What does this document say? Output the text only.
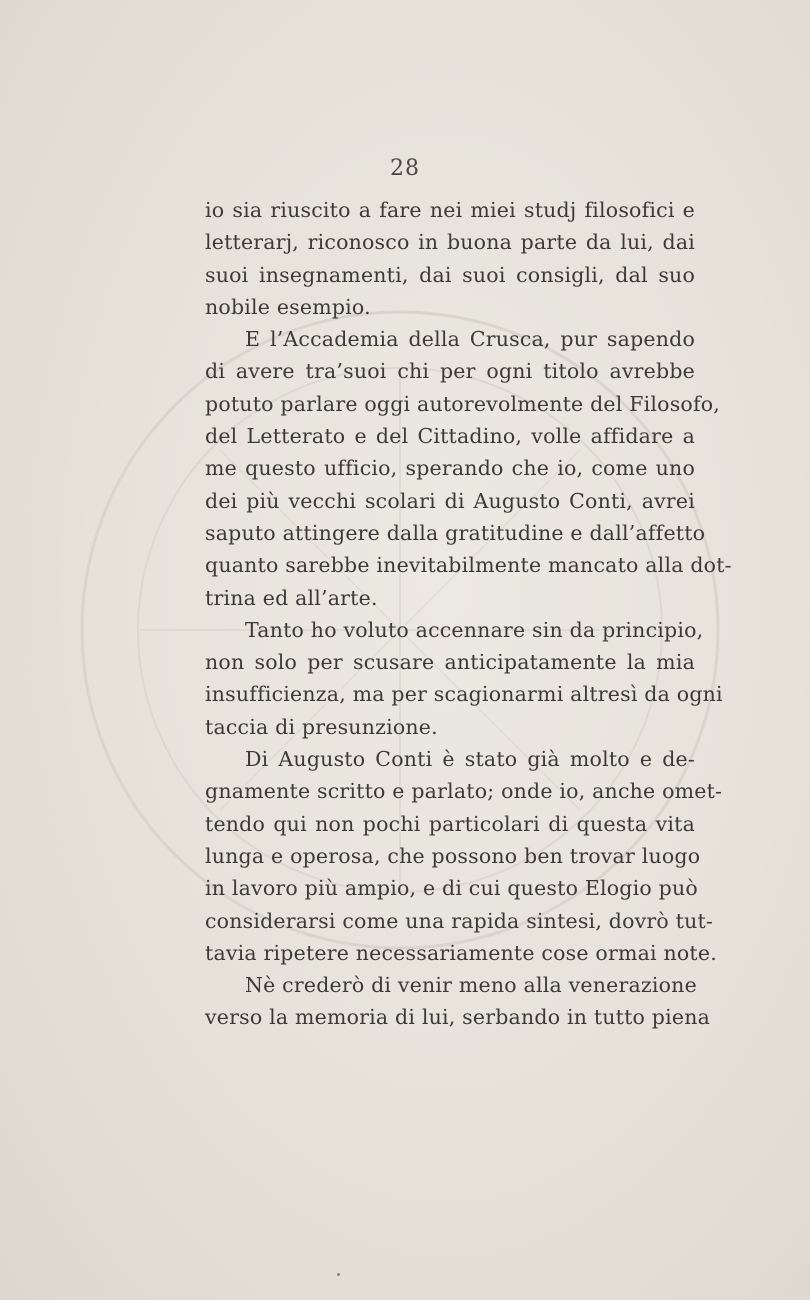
28
io sia riuscito a fare nei miei studj filosofici e
letterarj, riconosco in buona parte da lui, dai
suoi insegnamenti, dai suoi consigli, dal suo
nobile esempio.
E l’Accademia della Crusca, pur sapendo
di avere tra’suoi chi per ogni titolo avrebbe
potuto parlare oggi autorevolmente del Filosofo,
del Letterato e del Cittadino, volle affidare a
me questo ufficio, sperando che io, come uno
dei più vecchi scolari di Augusto Conti, avrei
saputo attingere dalla gratitudine e dall’affetto
quanto sarebbe inevitabilmente mancato alla dot-
trina ed all’arte.
Tanto ho voluto accennare sin da principio,
non solo per scusare anticipatamente la mia
insufficienza, ma per scagionarmi altresì da ogni
taccia di presunzione.
Di Augusto Conti è stato già molto e de-
gnamente scritto e parlato; onde io, anche omet-
tendo qui non pochi particolari di questa vita
lunga e operosa, che possono ben trovar luogo
in lavoro più ampio, e di cui questo Elogio può
considerarsi come una rapida sintesi, dovrò tut-
tavia ripetere necessariamente cose ormai note.
Nè crederò di venir meno alla venerazione
verso la memoria di lui, serbando in tutto piena
